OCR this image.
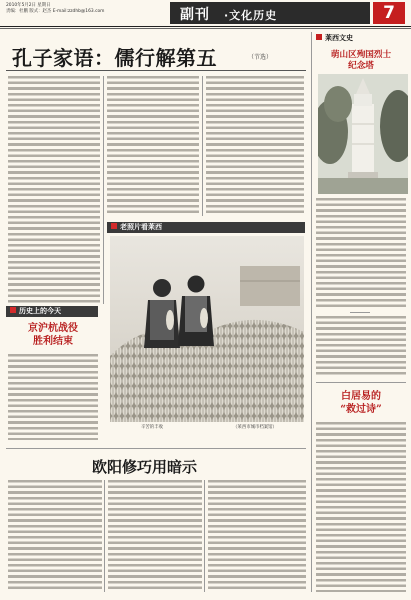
2010年5月2日 星期日
责编：杜鹏 版式：赵杰 E-mail:zzdhb@163.com	副刊 ·文化历史	7
孔子家语：儒行解第五	（节选）
历史上的今天
京沪杭战役
胜利结束
老照片看莱西
辛苦的丰收	（莱西市城市档案馆）
莱西文史
萌山区殉国烈士
纪念塔
白居易的
“救过诗”
欧阳修巧用暗示
